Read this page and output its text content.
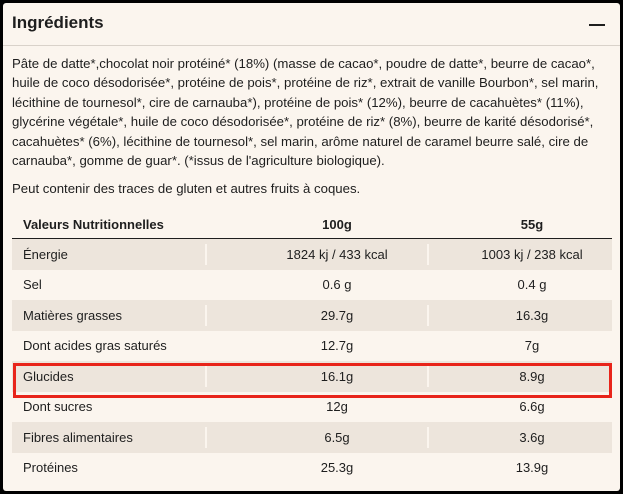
Ingrédients
Pâte de datte*,chocolat noir protéiné* (18%) (masse de cacao*, poudre de datte*, beurre de cacao*, huile de coco désodorisée*, protéine de pois*, protéine de riz*, extrait de vanille Bourbon*, sel marin, lécithine de tournesol*, cire de carnauba*), protéine de pois* (12%), beurre de cacahuètes* (11%), glycérine végétale*, huile de coco désodorisée*, protéine de riz* (8%), beurre de karité désodorisé*, cacahuètes* (6%), lécithine de tournesol*, sel marin, arôme naturel de caramel beurre salé, cire de carnauba*, gomme de guar*. (*issus de l'agriculture biologique).
Peut contenir des traces de gluten et autres fruits à coques.
Valeurs Nutritionnelles	100g	55g
Énergie	1824 kj / 433 kcal	1003 kj / 238 kcal
Sel	0.6 g	0.4 g
Matières grasses	29.7g	16.3g
Dont acides gras saturés	12.7g	7g
Glucides	16.1g	8.9g
Dont sucres	12g	6.6g
Fibres alimentaires	6.5g	3.6g
Protéines	25.3g	13.9g
